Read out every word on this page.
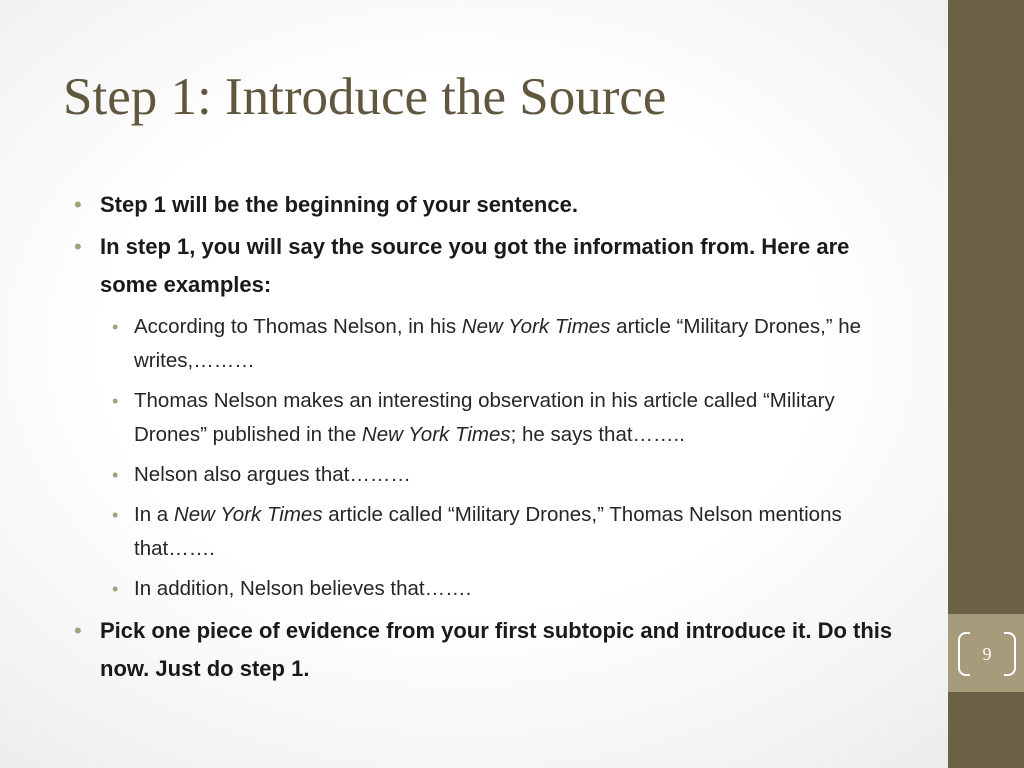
Step 1: Introduce the Source
• Step 1 will be the beginning of your sentence.
• In step 1, you will say the source you got the information from. Here are some examples:
• According to Thomas Nelson, in his New York Times article “Military Drones,” he writes,………
• Thomas Nelson makes an interesting observation in his article called “Military Drones” published in the New York Times; he says that……..
• Nelson also argues that………
• In a New York Times article called “Military Drones,” Thomas Nelson mentions that…….
• In addition, Nelson believes that…….
• Pick one piece of evidence from your first subtopic and introduce it. Do this now. Just do step 1.
9
